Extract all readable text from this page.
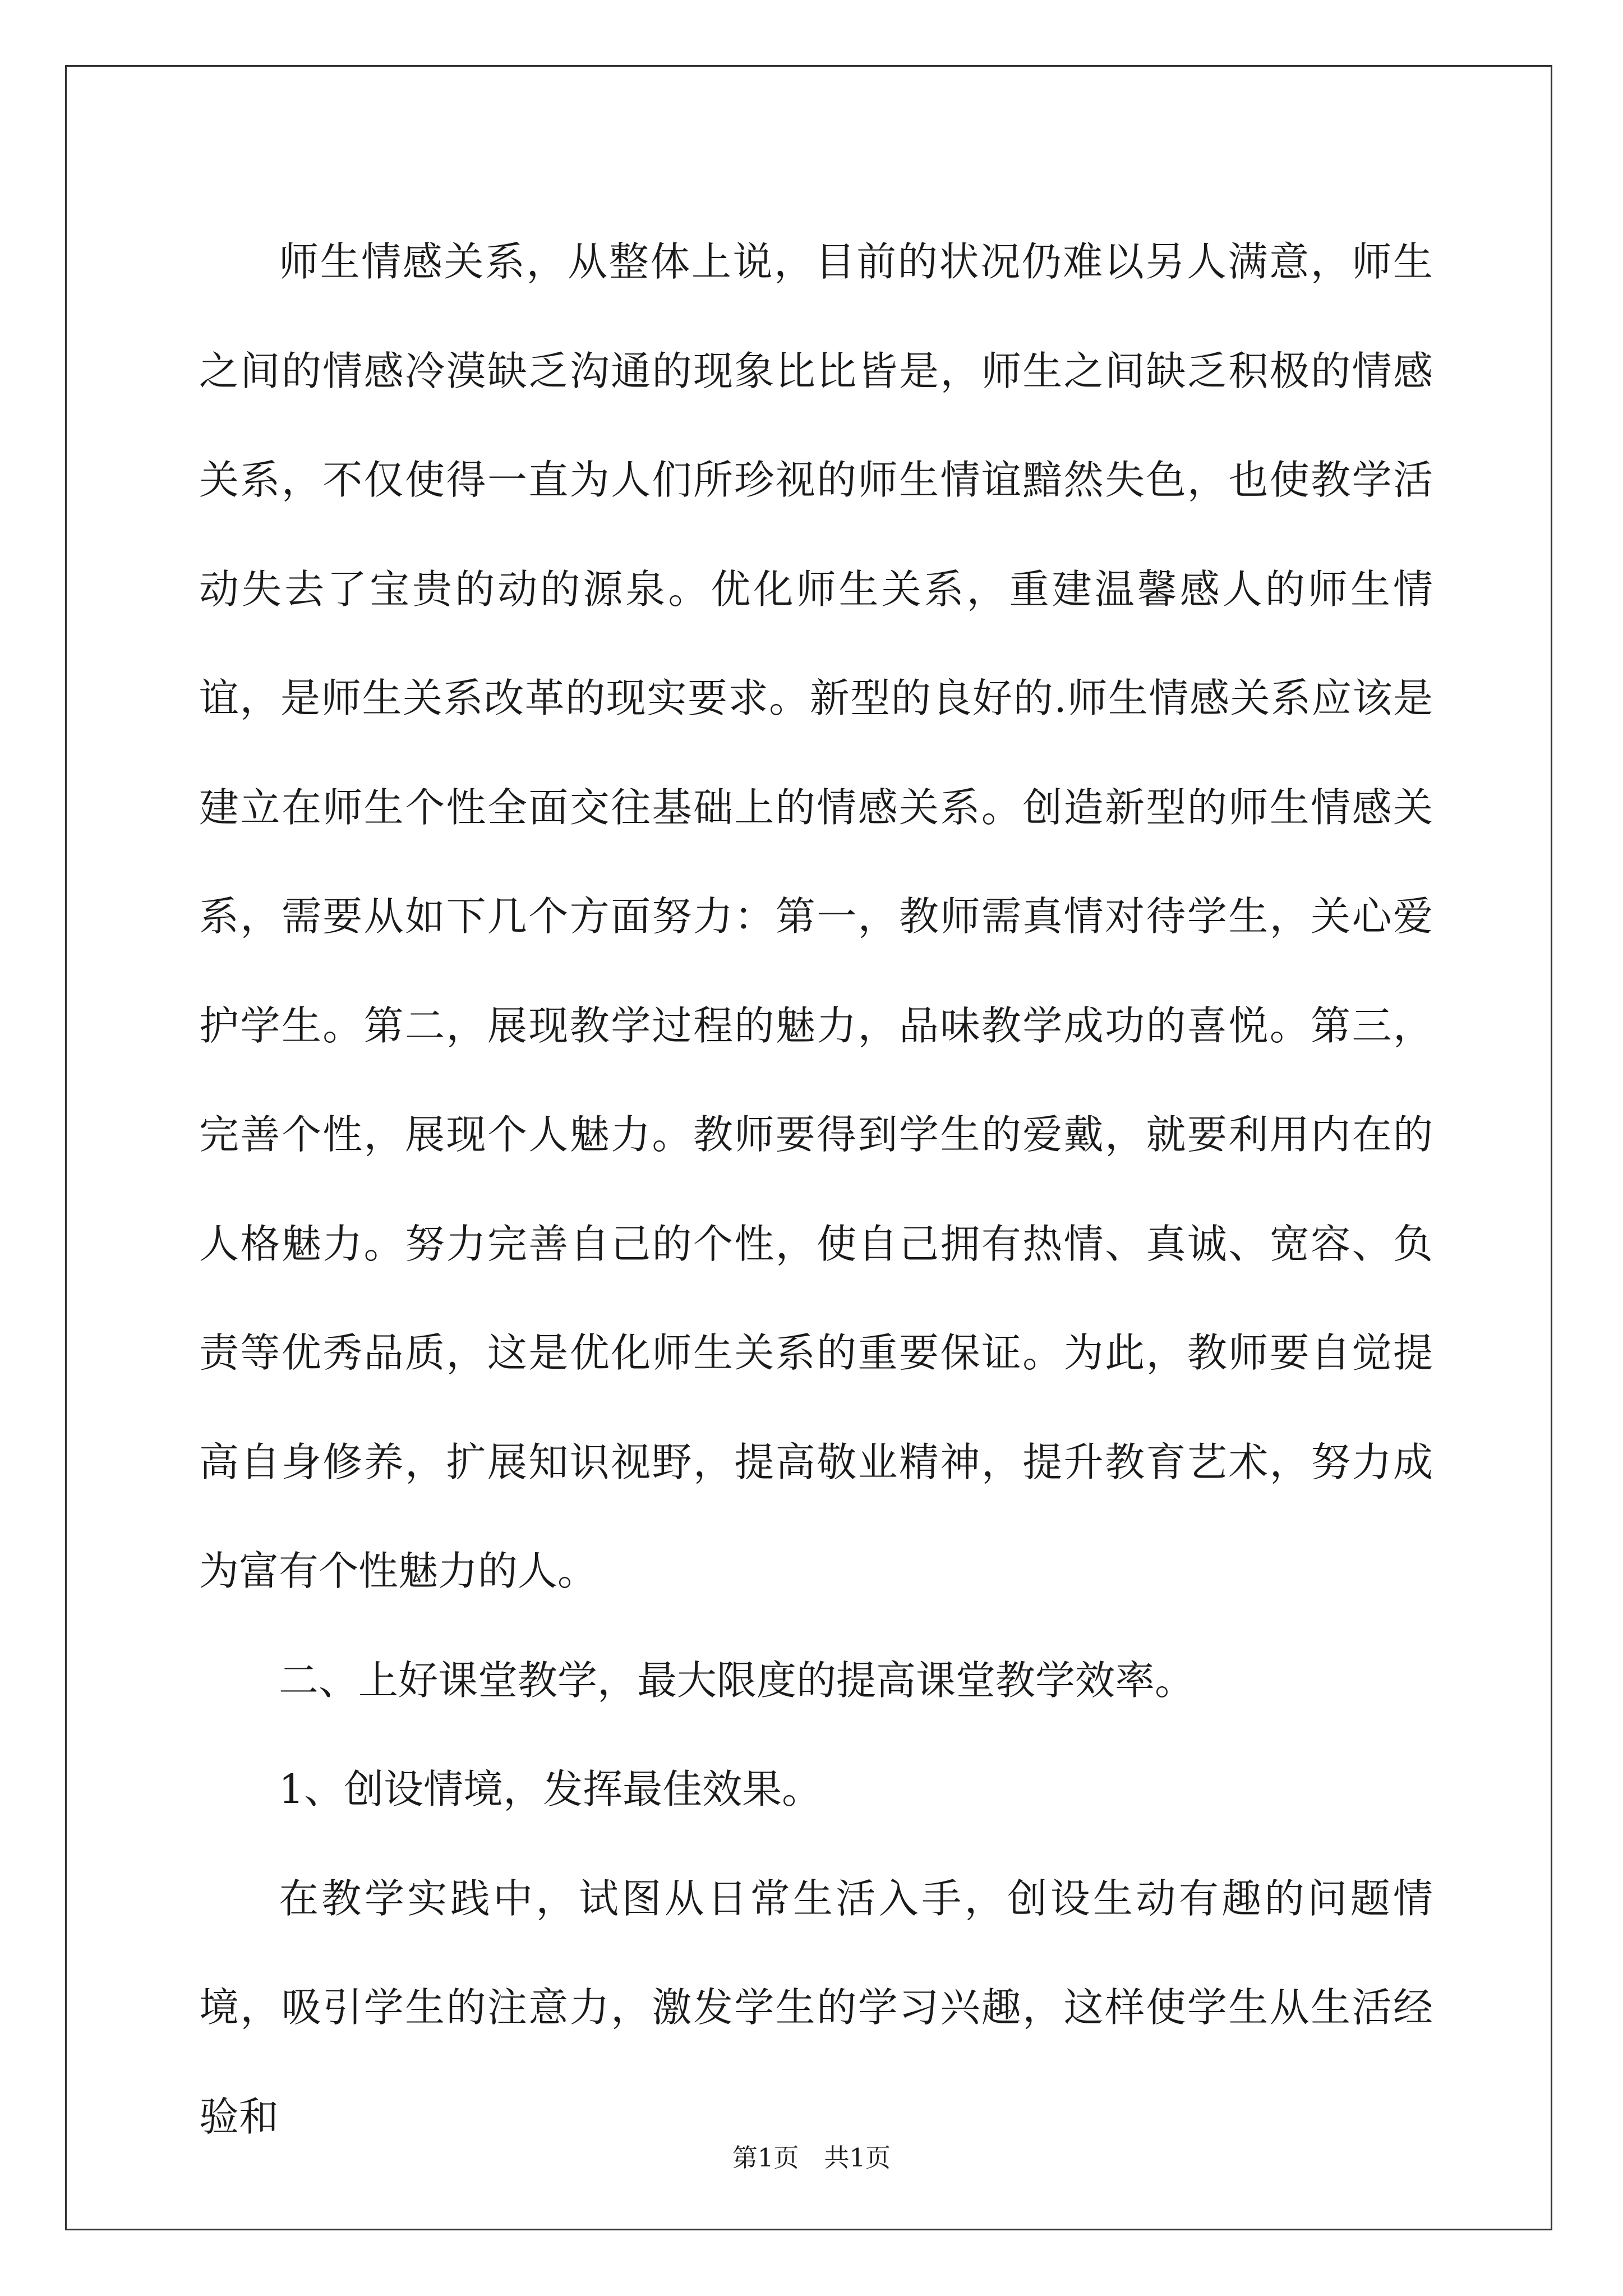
师生情感关系，从整体上说，目前的状况仍难以另人满意，师生之间的情感冷漠缺乏沟通的现象比比皆是，师生之间缺乏积极的情感关系，不仅使得一直为人们所珍视的师生情谊黯然失色，也使教学活动失去了宝贵的动的源泉。优化师生关系，重建温馨感人的师生情谊，是师生关系改革的现实要求。新型的良好的.师生情感关系应该是建立在师生个性全面交往基础上的情感关系。创造新型的师生情感关系，需要从如下几个方面努力：第一，教师需真情对待学生，关心爱护学生。第二，展现教学过程的魅力，品味教学成功的喜悦。第三，完善个性，展现个人魅力。教师要得到学生的爱戴，就要利用内在的人格魅力。努力完善自己的个性，使自己拥有热情、真诚、宽容、负责等优秀品质，这是优化师生关系的重要保证。为此，教师要自觉提高自身修养，扩展知识视野，提高敬业精神，提升教育艺术，努力成为富有个性魅力的人。

二、上好课堂教学，最大限度的提高课堂教学效率。

1、创设情境，发挥最佳效果。

在教学实践中，试图从日常生活入手，创设生动有趣的问题情境，吸引学生的注意力，激发学生的学习兴趣，这样使学生从生活经验和

第1页　共1页
